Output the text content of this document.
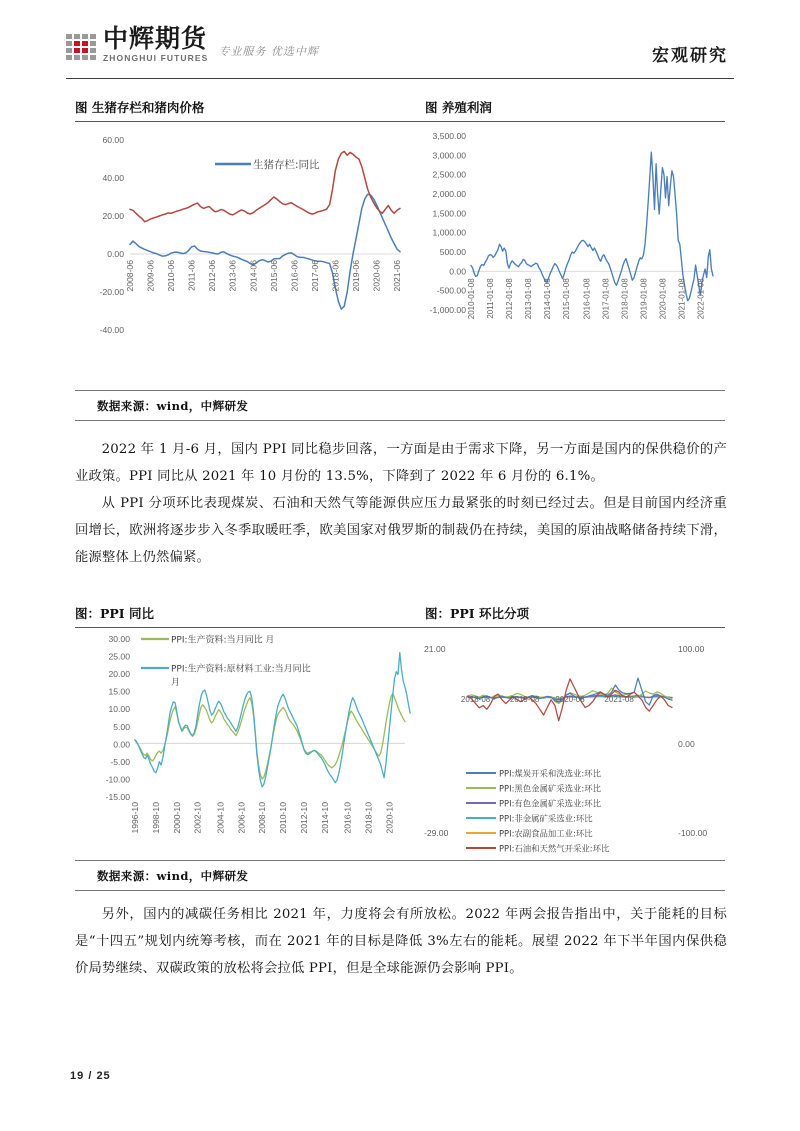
中辉期货
ZHONGHUI FUTURES 专业服务 优选中辉	宏观研究
图 生猪存栏和猪肉价格	图 养殖利润
60.00
40.00
20.00
0.00
-20.00
-40.00
2008-06 2009-06 2010-06 2011-06 2012-06 2013-06 2014-06 2015-06 2016-06 2017-06 2018-06 2019-06 2020-06 2021-06
生猪存栏:同比
3,500.00
3,000.00
2,500.00
2,000.00
1,500.00
1,000.00
500.00
0.00
-500.00
-1,000.00 2010-01-08 2011-01-08 2012-01-08 2013-01-08 2014-01-08 2015-01-08 2016-01-08 2017-01-08 2018-01-08 2019-01-08 2020-01-08 2021-01-08 2022-01-08
数据来源：wind，中辉研发

2022 年 1 月-6 月，国内 PPI 同比稳步回落，一方面是由于需求下降，另一方面是国内的保供稳价的产业政策。PPI 同比从 2021 年 10 月份的 13.5%，下降到了 2022 年 6 月份的 6.1%。

从 PPI 分项环比表现煤炭、石油和天然气等能源供应压力最紧张的时刻已经过去。但是目前国内经济重回增长，欧洲将逐步步入冬季取暖旺季，欧美国家对俄罗斯的制裁仍在持续，美国的原油战略储备持续下滑，能源整体上仍然偏紧。

图：PPI 同比	图：PPI 环比分项
30.00
25.00
20.00
15.00
10.00
5.00
0.00
-5.00
-10.00
-15.00
1996-10 1998-10 2000-10 2002-10 2004-10 2006-10 2008-10 2010-10 2012-10 2014-10 2016-10 2018-10 2020-10
PPI:生产资料:当月同比 月
PPI:生产资料:原材料工业:当月同比
月
21.00
-29.00
100.00
0.00
-100.00
2018-08 2019-08 2020-08 2021-08
PPI:煤炭开采和洗选业:环比
PPI:黑色金属矿采选业:环比
PPI:有色金属矿采选业:环比
PPI:非金属矿采选业:环比
PPI:农副食品加工业:环比
PPI:石油和天然气开采业:环比
数据来源：wind，中辉研发

另外，国内的减碳任务相比 2021 年，力度将会有所放松。2022 年两会报告指出中，关于能耗的目标是“十四五”规划内统筹考核，而在 2021 年的目标是降低 3%左右的能耗。展望 2022 年下半年国内保供稳价局势继续、双碳政策的放松将会拉低 PPI，但是全球能源仍会影响 PPI。

19 / 25
